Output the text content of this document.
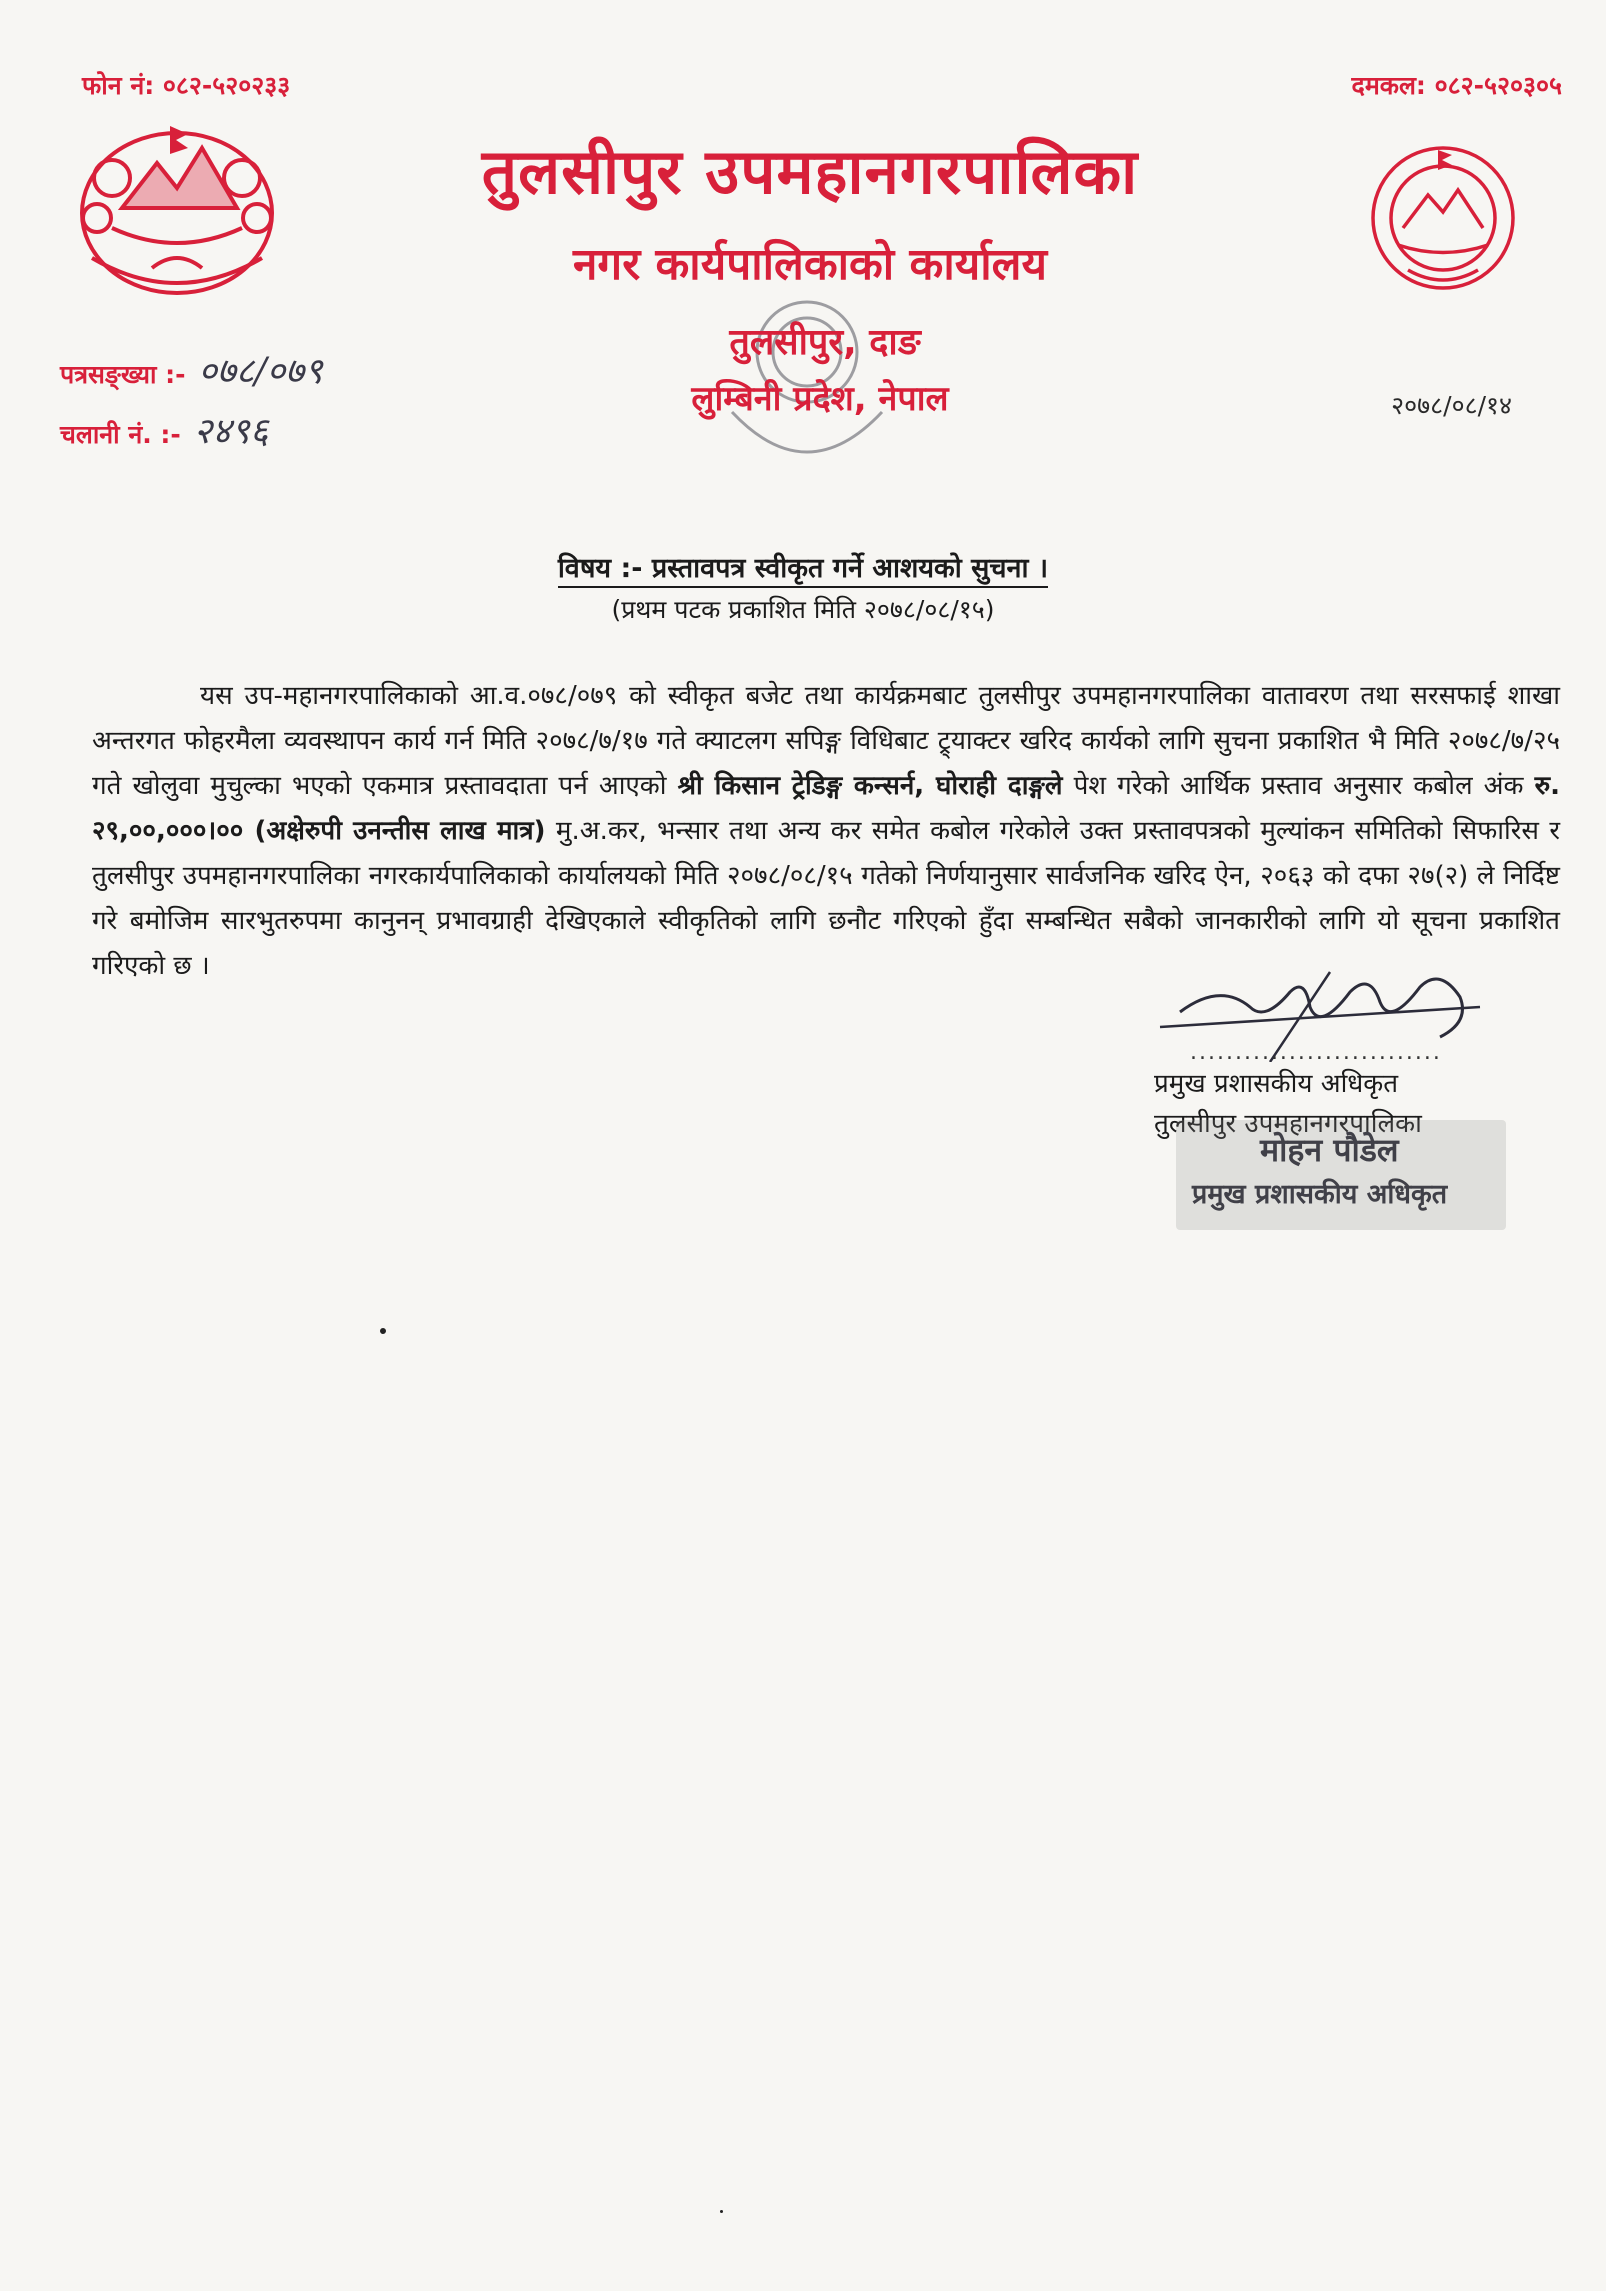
फोन नं: ०८२-५२०२३३	दमकल: ०८२-५२०३०५
तुलसीपुर उपमहानगरपालिका
नगर कार्यपालिकाको कार्यालय
तुलसीपुर, दाङ
लुम्बिनी प्रदेश, नेपाल
पत्रसङ्ख्या :- ०७८/०७९
चलानी नं. :- २४९६
२०७८/०८/१४
विषय :- प्रस्तावपत्र स्वीकृत गर्ने आशयको सुचना ।
(प्रथम पटक प्रकाशित मिति २०७८/०८/१५)

यस उप-महानगरपालिकाको आ.व.०७८/०७९ को स्वीकृत बजेट तथा कार्यक्रमबाट तुलसीपुर उपमहानगरपालिका वातावरण तथा सरसफाई शाखा अन्तरगत फोहरमैला व्यवस्थापन कार्य गर्न मिति २०७८/७/१७ गते क्याटलग सपिङ्ग विधिबाट ट्र्याक्टर खरिद कार्यको लागि सुचना प्रकाशित भै मिति २०७८/७/२५ गते खोलुवा मुचुल्का भएको एकमात्र प्रस्तावदाता पर्न आएको श्री किसान ट्रेडिङ्ग कन्सर्न, घोराही दाङ्गले पेश गरेको आर्थिक प्रस्ताव अनुसार कबोल अंक रु. २९,००,०००।०० (अक्षेरुपी उनन्तीस लाख मात्र) मु.अ.कर, भन्सार तथा अन्य कर समेत कबोल गरेकोले उक्त प्रस्तावपत्रको मुल्यांकन समितिको सिफारिस र तुलसीपुर उपमहानगरपालिका नगरकार्यपालिकाको कार्यालयको मिति २०७८/०८/१५ गतेको निर्णयानुसार सार्वजनिक खरिद ऐन, २०६३ को दफा २७(२) ले निर्दिष्ट गरे बमोजिम सारभुतरुपमा कानुनन् प्रभावग्राही देखिएकाले स्वीकृतिको लागि छनौट गरिएको हुँदा सम्बन्धित सबैको जानकारीको लागि यो सूचना प्रकाशित गरिएको छ ।

............................
प्रमुख प्रशासकीय अधिकृत
तुलसीपुर उपमहानगरपालिका
मोहन पौडेल
प्रमुख प्रशासकीय अधिकृत
